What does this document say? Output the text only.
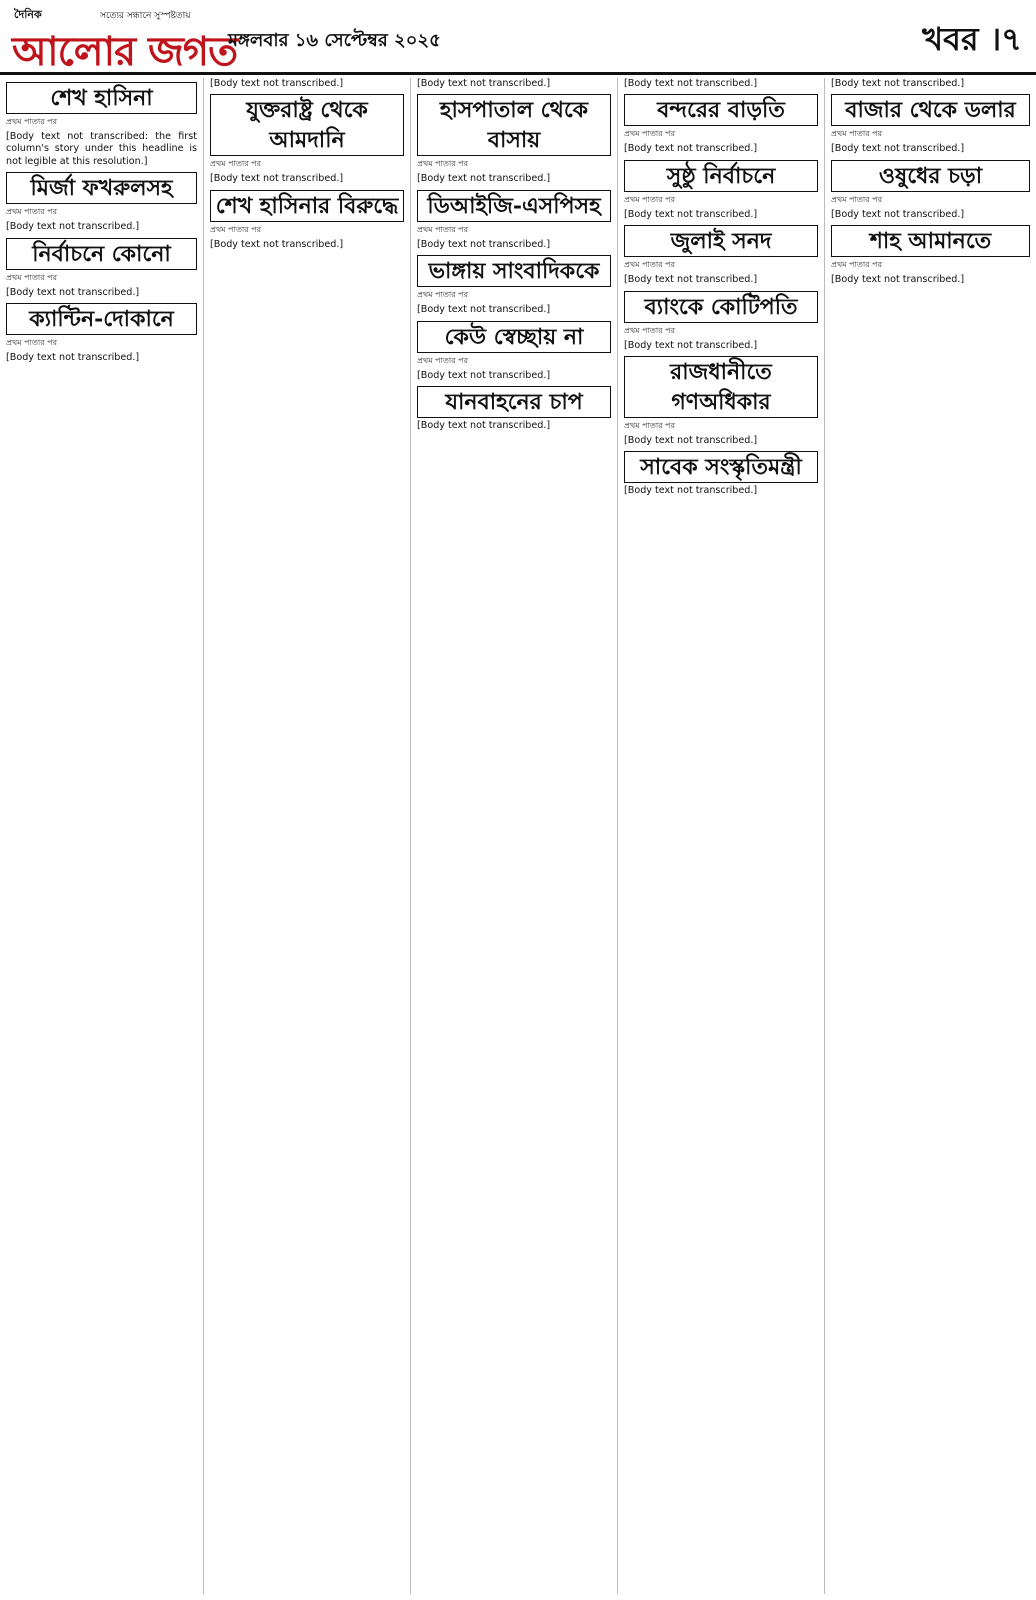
দৈনিক	সত্যের সন্ধানে সুস্পষ্টতায়
আলোর জগত
মঙ্গলবার ১৬ সেপ্টেম্বর ২০২৫	খবর ।৭
শেখ হাসিনা
প্রথম পাতার পর

[Body text not transcribed: the first column's story under this headline is not legible at this resolution.]

মির্জা ফখরুলসহ
প্রথম পাতার পর

[Body text not transcribed.]

নির্বাচনে কোনো
প্রথম পাতার পর

[Body text not transcribed.]

ক্যান্টিন-দোকানে
প্রথম পাতার পর

[Body text not transcribed.]

[Body text not transcribed.]

যুক্তরাষ্ট্র থেকে আমদানি
প্রথম পাতার পর

[Body text not transcribed.]

শেখ হাসিনার বিরুদ্ধে
প্রথম পাতার পর

[Body text not transcribed.]

[Body text not transcribed.]

হাসপাতাল থেকে বাসায়
প্রথম পাতার পর

[Body text not transcribed.]

ডিআইজি-এসপিসহ
প্রথম পাতার পর

[Body text not transcribed.]

ভাঙ্গায় সাংবাদিককে
প্রথম পাতার পর

[Body text not transcribed.]

কেউ স্বেচ্ছায় না
প্রথম পাতার পর

[Body text not transcribed.]

যানবাহনের চাপ

[Body text not transcribed.]

[Body text not transcribed.]

বন্দরের বাড়তি
প্রথম পাতার পর

[Body text not transcribed.]

সুষ্ঠু নির্বাচনে
প্রথম পাতার পর

[Body text not transcribed.]

জুলাই সনদ
প্রথম পাতার পর

[Body text not transcribed.]

ব্যাংকে কোটিপতি
প্রথম পাতার পর

[Body text not transcribed.]

রাজধানীতে গণঅধিকার
প্রথম পাতার পর

[Body text not transcribed.]

সাবেক সংস্কৃতিমন্ত্রী

[Body text not transcribed.]

[Body text not transcribed.]

বাজার থেকে ডলার
প্রথম পাতার পর

[Body text not transcribed.]

ওষুধের চড়া
প্রথম পাতার পর

[Body text not transcribed.]

শাহ আমানতে
প্রথম পাতার পর

[Body text not transcribed.]
